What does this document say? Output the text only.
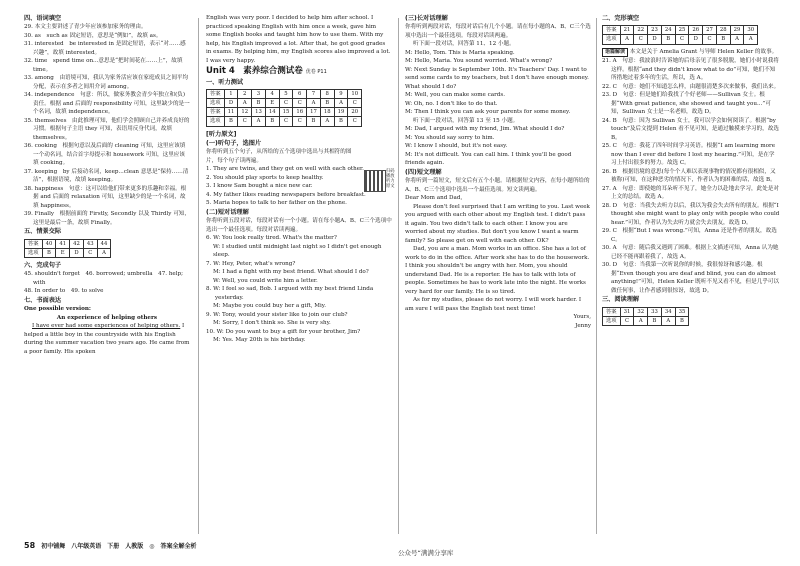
四、语词填空

29. 本文主要讲述了青少年应该参加家务的理由。

30. as　such as 固定短语，意思是“例如”，故填 as。

31. interested　be interested in 是固定短语，表示“对……感兴趣”，故填 interested。

32. time　spend time on...意思是“把时间花在……上”，故填 time。

33. among　由语境可知，我认为家务活应该在家庭成员之间平均分配，表示在多者之间用介词 among。

34. independence　句意：所以，做家务教会青少年独立和(负)责任。根据 and 后面的 responsibility 可知，这里缺少的是一个名词，故填 independence。

35. themselves　由此推理可知，他们学会照顾自己并养成良好的习惯。根据句子主语 they 可知，表语用反身代词，故填 themselves。

36. cooking　根据句意以及后面的 cleaning 可知，这里应该填一个动名词，结合首字母提示和 housework 可知，这里应该填 cooking。

37. keeping　by 后接动名词，keep...clean 意思是“保持……清洁”，根据语境，故填 keeping。

38. happiness　句意：这可以给他们带来更多的乐趣和幸福。根据 and 后面的 relaxation 可知，这里缺少的是一个名词，故填 happiness。

39. Finally　根据前面的 Firstly, Secondly 以及 Thirdly 可知，这里是最后一条，故填 Finally。

五、情景交际

答案	40	41	42	43	44
选项	B	E	D	C	A

六、完成句子

45. shouldn't forget　46. borrowed; umbrella　47. help; with

48. In order to　49. to solve

七、书面表达

One possible version:

An experience of helping others

I have ever had some experiences of helping others. I helped a little boy in the countryside with his English during the summer vacation two years ago. He came from a poor family. His spoken

English was very poor. I decided to help him after school. I practiced speaking English with him once a week, gave him some English books and taught him how to use them. With my help, his English improved a lot. After that, he got good grades in exams. By helping him, my English scores also improved a lot. I was very happy.

Unit 4　素养综合测试卷 优卷 P11

一、听力测试

答案	1	2	3	4	5	6	7	8	9	10
选项	D	A	B	E	C	C	A	B	A	C
答案	11	12	13	14	15	16	17	18	19	20
选项	B	C	A	B	C	C	B	A	B	C

[听力原文]

(一)听句子，选图片

你将听到五个句子，从所给的五个选项中选出与其相符的图片，每个句子读两遍。

1. They are twins, and they get on well with each other.

2. You should play sports to keep healthy.

3. I know Sam bought a nice new car.

4. My father likes reading newspapers before breakfast.

5. Maria hopes to talk to her father on the phone.

(二)短对话理解

你将听到五段对话，每段对话有一个小题。请在每小题A、B、C三个选项中选出一个最佳选项。每段对话读两遍。

6. W: You look really tired. What's the matter?

W: I studied until midnight last night so I didn't get enough sleep.

7. W: Hey, Peter, what's wrong?

M: I had a fight with my best friend. What should I do?

W: Well, you could write him a letter.

8. W: I feel so sad, Bob. I argued with my best friend Linda yesterday.

M: Maybe you could buy her a gift, Miy.

9. W: Tony, would your sister like to join our club?

M: Sorry, I don't think so. She is very shy.

10. W: Do you want to buy a gift for your brother, Jim?

M: Yes. May 20th is his birthday.

扫码播放听力原文

(三)长对话理解

你将听到两段对话，每段对话后有几个小题。请在每小题的A、B、C三个选项中选出一个最佳选项。每段对话读两遍。

听下面一段对话，回答第 11、12 小题。

M: Hello, Tom. This is Maria speaking.

M: Hello, Maria. You sound worried. What's wrong?

W: Next Sunday is September 10th. It's Teachers' Day. I want to send some cards to my teachers, but I don't have enough money. What should I do?

M: Well, you can make some cards.

W: Oh, no. I don't like to do that.

M: Then I think you can ask your parents for some money.

听下面一段对话，回答第 13 至 15 小题。

M: Dad, I argued with my friend, Jim. What should I do?

M: You should say sorry to him.

W: I know I should, but it's not easy.

M: It's not difficult. You can call him. I think you'll be good friends again.

(四)短文理解

你将听到一篇短文，短文后有五个小题。请根据短文内容，在每小题所给的A、B、C三个选项中选出一个最佳选项。短文读两遍。

Dear Mom and Dad,

Please don't feel surprised that I am writing to you. Last week you argued with each other about my English test. I didn't pass it again. You two didn't talk to each other. I know you are worried about my studies. But don't you know I want a warm family? So please get on well with each other. OK?

Dad, you are a man. Mom works in an office. She has a lot of work to do in the office. After work she has to do the housework. I think you shouldn't be angry with her. Mom, you should understand Dad. He is a reporter. He has to talk with lots of people. Sometimes he has to work late into the night. He works very hard for our family. He is so tired.

As for my studies, please do not worry. I will work harder. I am sure I will pass the English test next time!

Yours,

Jenny

二、完形填空

答案	21	22	23	24	25	26	27	28	29	30
选项	A	C	D	B	C	D	C	B	A	A

语篇解读 本文是关于 Amelia Grant 与导师 Helen Keller 的故事。

21. A　句意：我波浪时告诉她的后母亲见了很多脱脱，她们小时说我将这样。根据“and they didn't know what to do”可知，她们不知所措地过着多年的生活，所以，选 A。

22. C　句意：她们不知道怎么样，由题很清楚多次来做事，我们出来。

23. D　句意：但是她们给我找了个好老师——Sullivan 女士。根据“With great patience, she showed and taught you...”可知，Sullivan 女士是一名老师，故选 D。

24. B　句意：因为 Sullivan 女士，我可以学会如何阅读了。根据“by touch”及后文提到 Helen 看不见可知，是通过触摸来学习的，故选 B。

25. C　句意：我花了四年时间学习英语。根据“I am learning more now than I ever did before I lost my hearing.”可知，是在学习上付出很多的努力。故选 C。

26. B　根据语境的意思(每个个人难以表现事物的情况都有很相似，又被称)可知，在这种恶劣的情况下，作者认为的困难的话，故选 B。

27. A　句意：即使她的耳朵听不见了，她全力以赴地去学习，此处是对上文的总结。故选 A。

28. D　句意：当我失去听力以后，我以为我会失去所有的朋友。根据“I thought she might want to play only with people who could hear.”可知，作者认为失去听力就会失去朋友，故选 D。

29. C　根据“But I was wrong.”可知，Anna 还是作者的朋友，故选 C。

30. A　句意：随后我又遇到了困难。根据上文描述可知，Anna 认为她已经不能再跟着我了，故选 A。

30. D　句意：当我第一次听说你的时候，我很惊讶和感兴趣。根据“Even though you are deaf and blind, you can do almost anything!”可知，Helen Keller 既听不见又看不见，但是几乎可以做任何事，让作者感到很惊讶，故选 D。

三、阅读理解

答案	31	32	33	34	35
选项	C	A	B	A	B
58 初中铺舞　八年级英语　下册　人教版　◎　答案全解全析
公众号“满满分享库
